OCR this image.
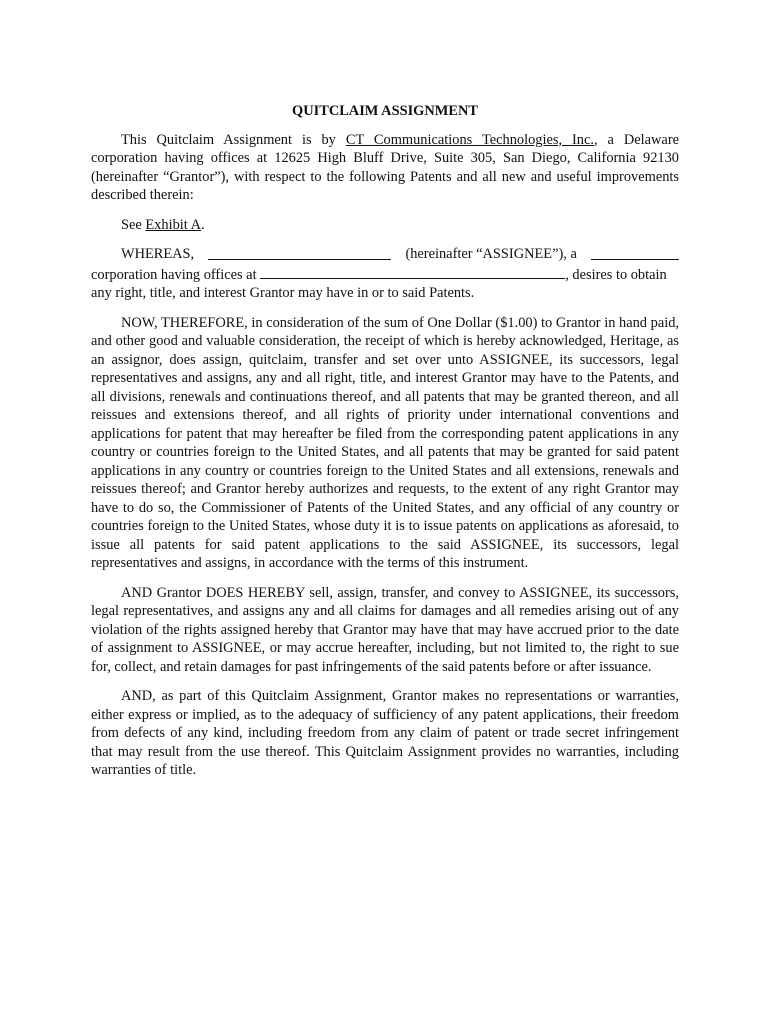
QUITCLAIM ASSIGNMENT

This Quitclaim Assignment is by CT Communications Technologies, Inc., a Delaware corporation having offices at 12625 High Bluff Drive, Suite 305, San Diego, California 92130 (hereinafter “Grantor”), with respect to the following Patents and all new and useful improvements described therein:

See Exhibit A.

WHEREAS,	(hereinafter “ASSIGNEE”), a
corporation having offices at	, desires to obtain
any right, title, and interest Grantor may have in or to said Patents.

NOW, THEREFORE, in consideration of the sum of One Dollar ($1.00) to Grantor in hand paid, and other good and valuable consideration, the receipt of which is hereby acknowledged, Heritage, as an assignor, does assign, quitclaim, transfer and set over unto ASSIGNEE, its successors, legal representatives and assigns, any and all right, title, and interest Grantor may have to the Patents, and all divisions, renewals and continuations thereof, and all patents that may be granted thereon, and all reissues and extensions thereof, and all rights of priority under international conventions and applications for patent that may hereafter be filed from the corresponding patent applications in any country or countries foreign to the United States, and all patents that may be granted for said patent applications in any country or countries foreign to the United States and all extensions, renewals and reissues thereof; and Grantor hereby authorizes and requests, to the extent of any right Grantor may have to do so, the Commissioner of Patents of the United States, and any official of any country or countries foreign to the United States, whose duty it is to issue patents on applications as aforesaid, to issue all patents for said patent applications to the said ASSIGNEE, its successors, legal representatives and assigns, in accordance with the terms of this instrument.

AND Grantor DOES HEREBY sell, assign, transfer, and convey to ASSIGNEE, its successors, legal representatives, and assigns any and all claims for damages and all remedies arising out of any violation of the rights assigned hereby that Grantor may have that may have accrued prior to the date of assignment to ASSIGNEE, or may accrue hereafter, including, but not limited to, the right to sue for, collect, and retain damages for past infringements of the said patents before or after issuance.

AND, as part of this Quitclaim Assignment, Grantor makes no representations or warranties, either express or implied, as to the adequacy of sufficiency of any patent applications, their freedom from defects of any kind, including freedom from any claim of patent or trade secret infringement that may result from the use thereof. This Quitclaim Assignment provides no warranties, including warranties of title.
